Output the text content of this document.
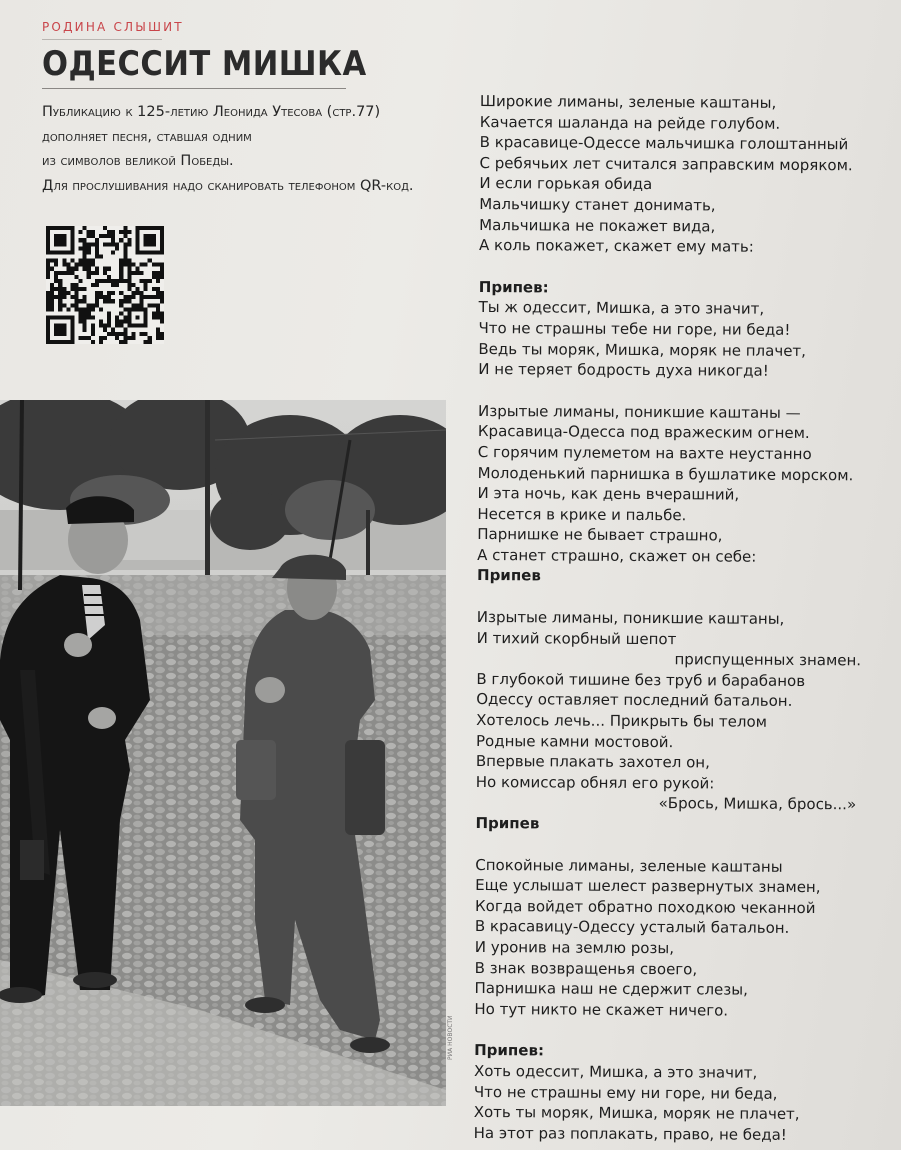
РОДИНА СЛЫШИТ
ОДЕССИТ МИШКА
Публикацию к 125-летию Леонида Утесова (стр.77)
дополняет песня, ставшая одним
из символов великой Победы.
Для прослушивания надо сканировать телефоном QR-код.
РИА НОВОСТИ
Широкие лиманы, зеленые каштаны,
Качается шаланда на рейде голубом.
В красавице-Одессе мальчишка голоштанный
С ребячьих лет считался заправским моряком.
И если горькая обида
Мальчишку станет донимать,
Мальчишка не покажет вида,
А коль покажет, скажет ему мать:
Припев:
Ты ж одессит, Мишка, а это значит,
Что не страшны тебе ни горе, ни беда!
Ведь ты моряк, Мишка, моряк не плачет,
И не теряет бодрость духа никогда!
Изрытые лиманы, поникшие каштаны —
Красавица-Одесса под вражеским огнем.
С горячим пулеметом на вахте неустанно
Молоденький парнишка в бушлатике морском.
И эта ночь, как день вчерашний,
Несется в крике и пальбе.
Парнишке не бывает страшно,
А станет страшно, скажет он себе:
Припев
Изрытые лиманы, поникшие каштаны,
И тихий скорбный шепот
приспущенных знамен.
В глубокой тишине без труб и барабанов
Одессу оставляет последний батальон.
Хотелось лечь... Прикрыть бы телом
Родные камни мостовой.
Впервые плакать захотел он,
Но комиссар обнял его рукой:
«Брось, Мишка, брось...»
Припев
Спокойные лиманы, зеленые каштаны
Еще услышат шелест развернутых знамен,
Когда войдет обратно походкою чеканной
В красавицу-Одессу усталый батальон.
И уронив на землю розы,
В знак возвращенья своего,
Парнишка наш не сдержит слезы,
Но тут никто не скажет ничего.
Припев:
Хоть одессит, Мишка, а это значит,
Что не страшны ему ни горе, ни беда,
Хоть ты моряк, Мишка, моряк не плачет,
На этот раз поплакать, право, не беда!
